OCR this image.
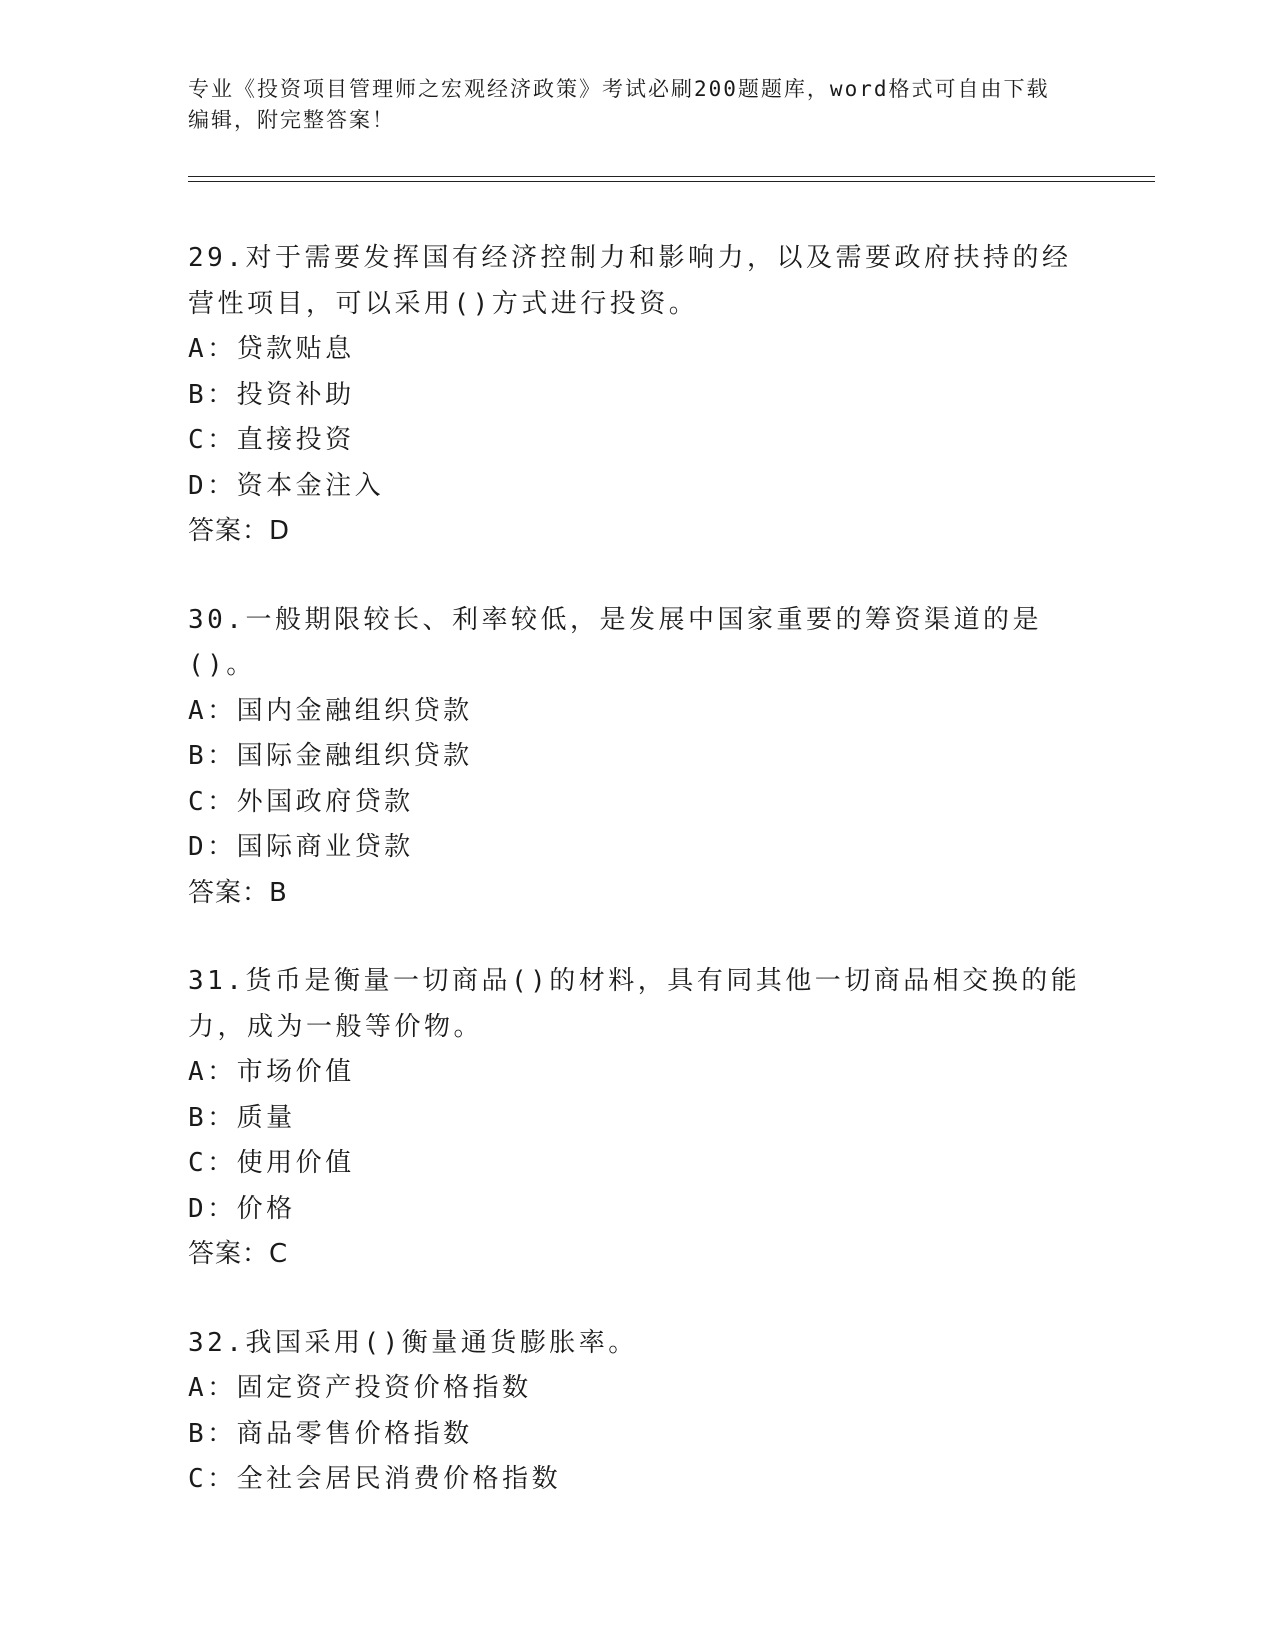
专业《投资项目管理师之宏观经济政策》考试必刷200题题库，word格式可自由下载编辑，附完整答案！
29.对于需要发挥国有经济控制力和影响力，以及需要政府扶持的经营性项目，可以采用()方式进行投资。
A：贷款贴息
B：投资补助
C：直接投资
D：资本金注入
答案：D
30.一般期限较长、利率较低，是发展中国家重要的筹资渠道的是()。
A：国内金融组织贷款
B：国际金融组织贷款
C：外国政府贷款
D：国际商业贷款
答案：B
31.货币是衡量一切商品()的材料，具有同其他一切商品相交换的能力，成为一般等价物。
A：市场价值
B：质量
C：使用价值
D：价格
答案：C
32.我国采用()衡量通货膨胀率。
A：固定资产投资价格指数
B：商品零售价格指数
C：全社会居民消费价格指数
